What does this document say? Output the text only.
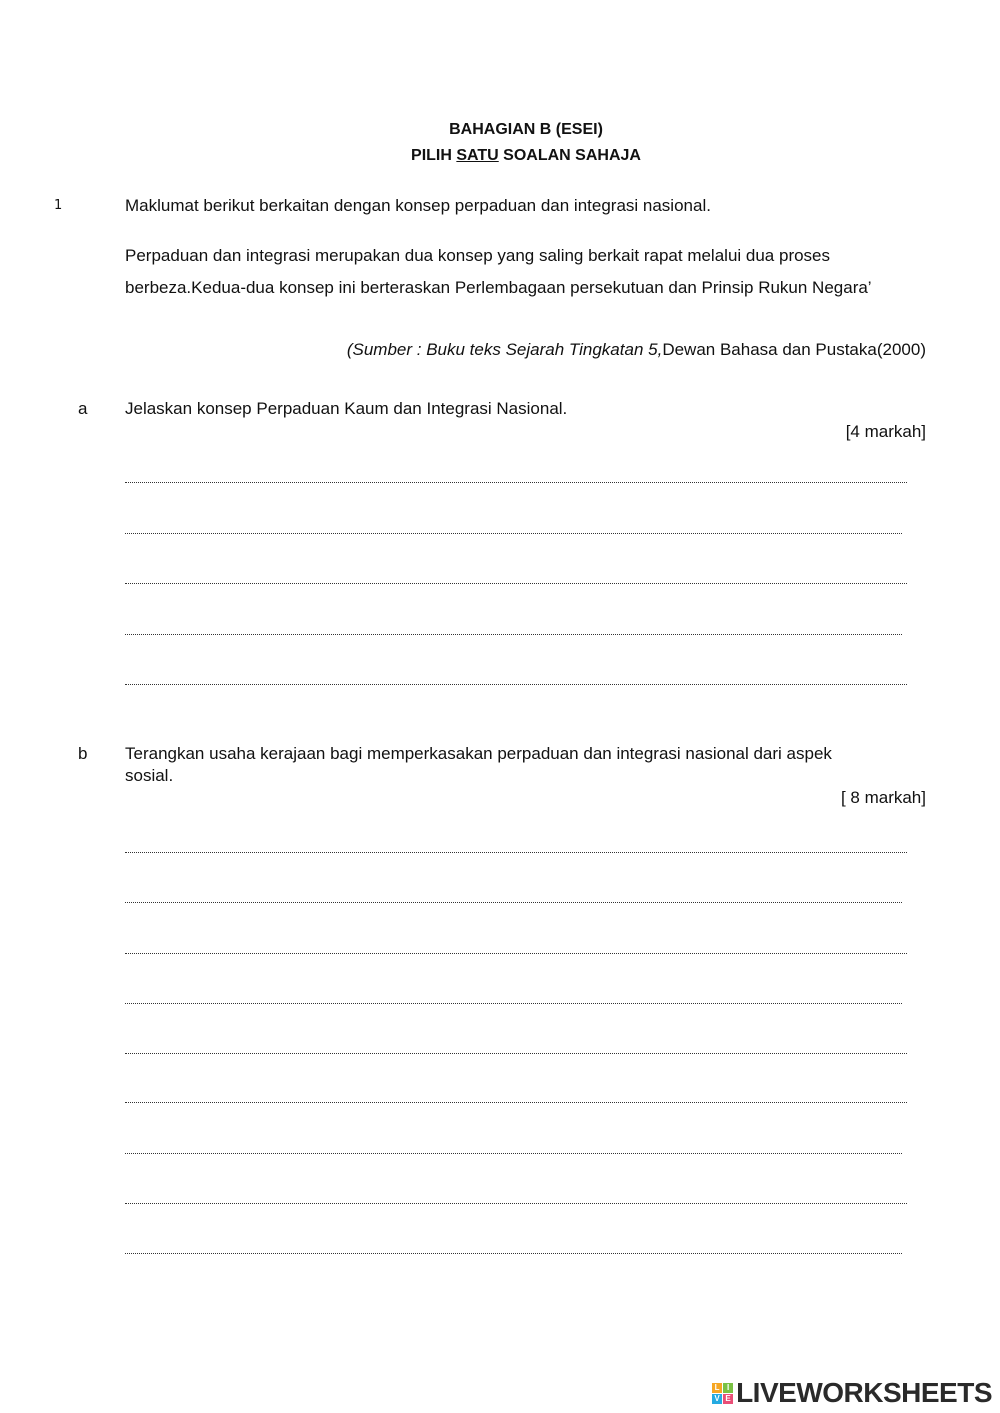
BAHAGIAN B (ESEI)
PILIH SATU SOALAN SAHAJA
1	Maklumat berikut berkaitan dengan konsep perpaduan dan integrasi nasional.
Perpaduan dan integrasi merupakan dua konsep yang saling berkait rapat melalui dua proses berbeza.Kedua-dua konsep ini berteraskan Perlembagaan persekutuan dan Prinsip Rukun Negara’
(Sumber : Buku teks Sejarah Tingkatan 5,Dewan Bahasa dan Pustaka(2000)
a Jelaskan konsep Perpaduan Kaum dan Integrasi Nasional.
[4 markah]
b Terangkan usaha kerajaan bagi memperkasakan perpaduan dan integrasi nasional dari aspek
sosial.
[ 8 markah]
L I
V E LIVEWORKSHEETS
